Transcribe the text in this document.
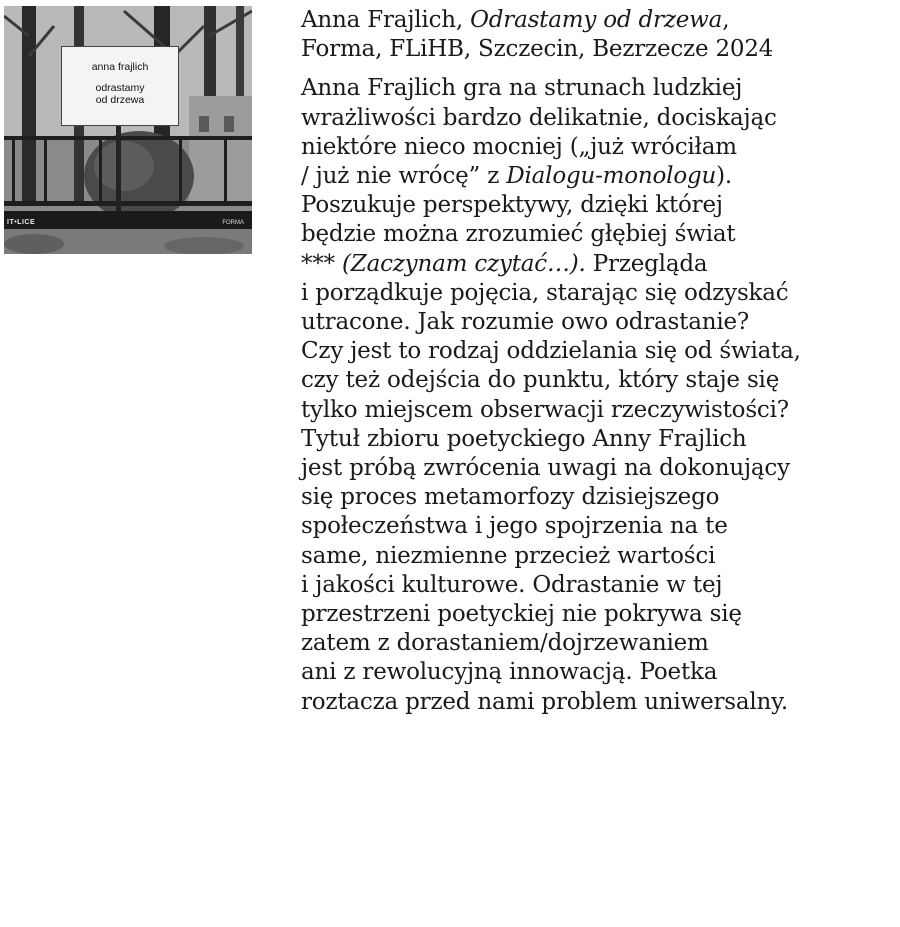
anna frajlich
odrastamy
od drzewa
IT•LICE	FORMA

Anna Frajlich, Odrastamy od drzewa,
Forma, FLiHB, Szczecin, Bezrzecze 2024

Anna Frajlich gra na strunach ludzkiej
wrażliwości bardzo delikatnie, dociskając
niektóre nieco mocniej („już wróciłam
/ już nie wrócę” z Dialogu-monologu).
Poszukuje perspektywy, dzięki której
będzie można zrozumieć głębiej świat
*** (Zaczynam czytać…). Przegląda
i porządkuje pojęcia, starając się odzyskać
utracone. Jak rozumie owo odrastanie?
Czy jest to rodzaj oddzielania się od świata,
czy też odejścia do punktu, który staje się
tylko miejscem obserwacji rzeczywistości?
Tytuł zbioru poetyckiego Anny Frajlich
jest próbą zwrócenia uwagi na dokonujący
się proces metamorfozy dzisiejszego
społeczeństwa i jego spojrzenia na te
same, niezmienne przecież wartości
i jakości kulturowe. Odrastanie w tej
przestrzeni poetyckiej nie pokrywa się
zatem z dorastaniem/dojrzewaniem
ani z rewolucyjną innowacją. Poetka
roztacza przed nami problem uniwersalny.
